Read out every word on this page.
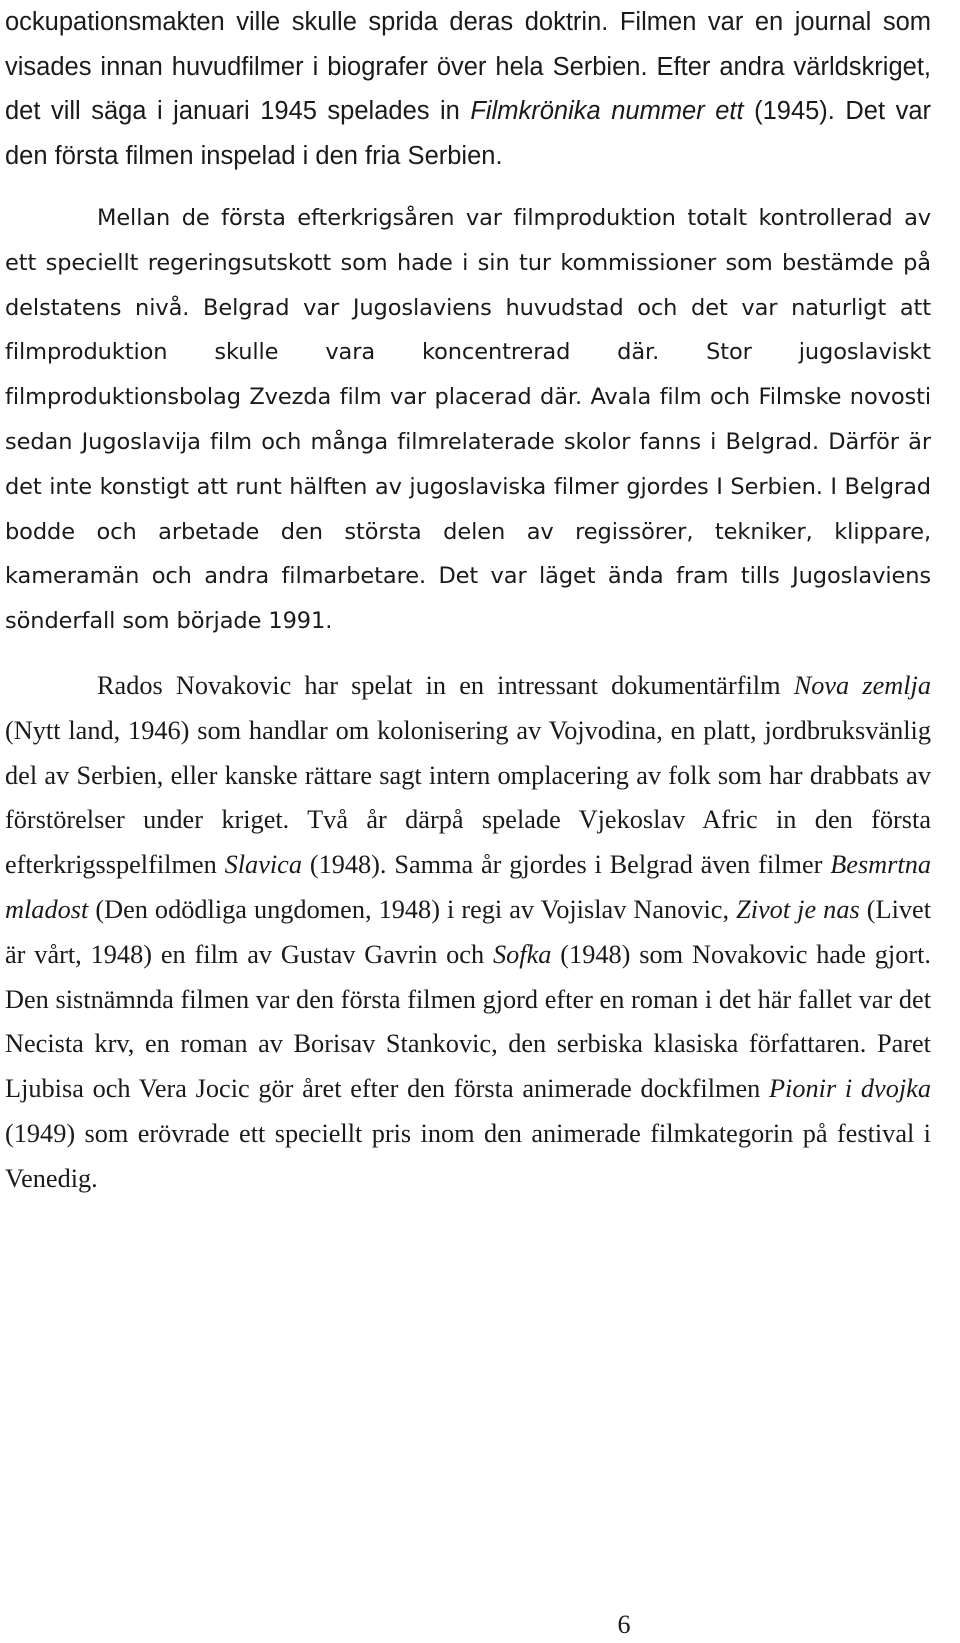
ockupationsmakten ville skulle sprida deras doktrin. Filmen var en journal som visades innan huvudfilmer i biografer över hela Serbien. Efter andra världskriget, det vill säga i januari 1945 spelades in Filmkrönika nummer ett (1945). Det var den första filmen inspelad i den fria Serbien.

Mellan de första efterkrigsåren var filmproduktion totalt kontrollerad av ett speciellt regeringsutskott som hade i sin tur kommissioner som bestämde på delstatens nivå. Belgrad var Jugoslaviens huvudstad och det var naturligt att filmproduktion skulle vara koncentrerad där. Stor jugoslaviskt filmproduktionsbolag Zvezda film var placerad där. Avala film och Filmske novosti sedan Jugoslavija film och många filmrelaterade skolor fanns i Belgrad. Därför är det inte konstigt att runt hälften av jugoslaviska filmer gjordes I Serbien. I Belgrad bodde och arbetade den största delen av regissörer, tekniker, klippare, kameramän och andra filmarbetare. Det var läget ända fram tills Jugoslaviens sönderfall som började 1991.

Rados Novakovic har spelat in en intressant dokumentärfilm Nova zemlja (Nytt land, 1946) som handlar om kolonisering av Vojvodina, en platt, jordbruksvänlig del av Serbien, eller kanske rättare sagt intern omplacering av folk som har drabbats av förstörelser under kriget. Två år därpå spelade Vjekoslav Afric in den första efterkrigsspelfilmen Slavica (1948). Samma år gjordes i Belgrad även filmer Besmrtna mladost (Den odödliga ungdomen, 1948) i regi av Vojislav Nanovic, Zivot je nas (Livet är vårt, 1948) en film av Gustav Gavrin och Sofka (1948) som Novakovic hade gjort. Den sistnämnda filmen var den första filmen gjord efter en roman i det här fallet var det Necista krv, en roman av Borisav Stankovic, den serbiska klasiska författaren. Paret Ljubisa och Vera Jocic gör året efter den första animerade dockfilmen Pionir i dvojka (1949) som erövrade ett speciellt pris inom den animerade filmkategorin på festival i Venedig.

6
